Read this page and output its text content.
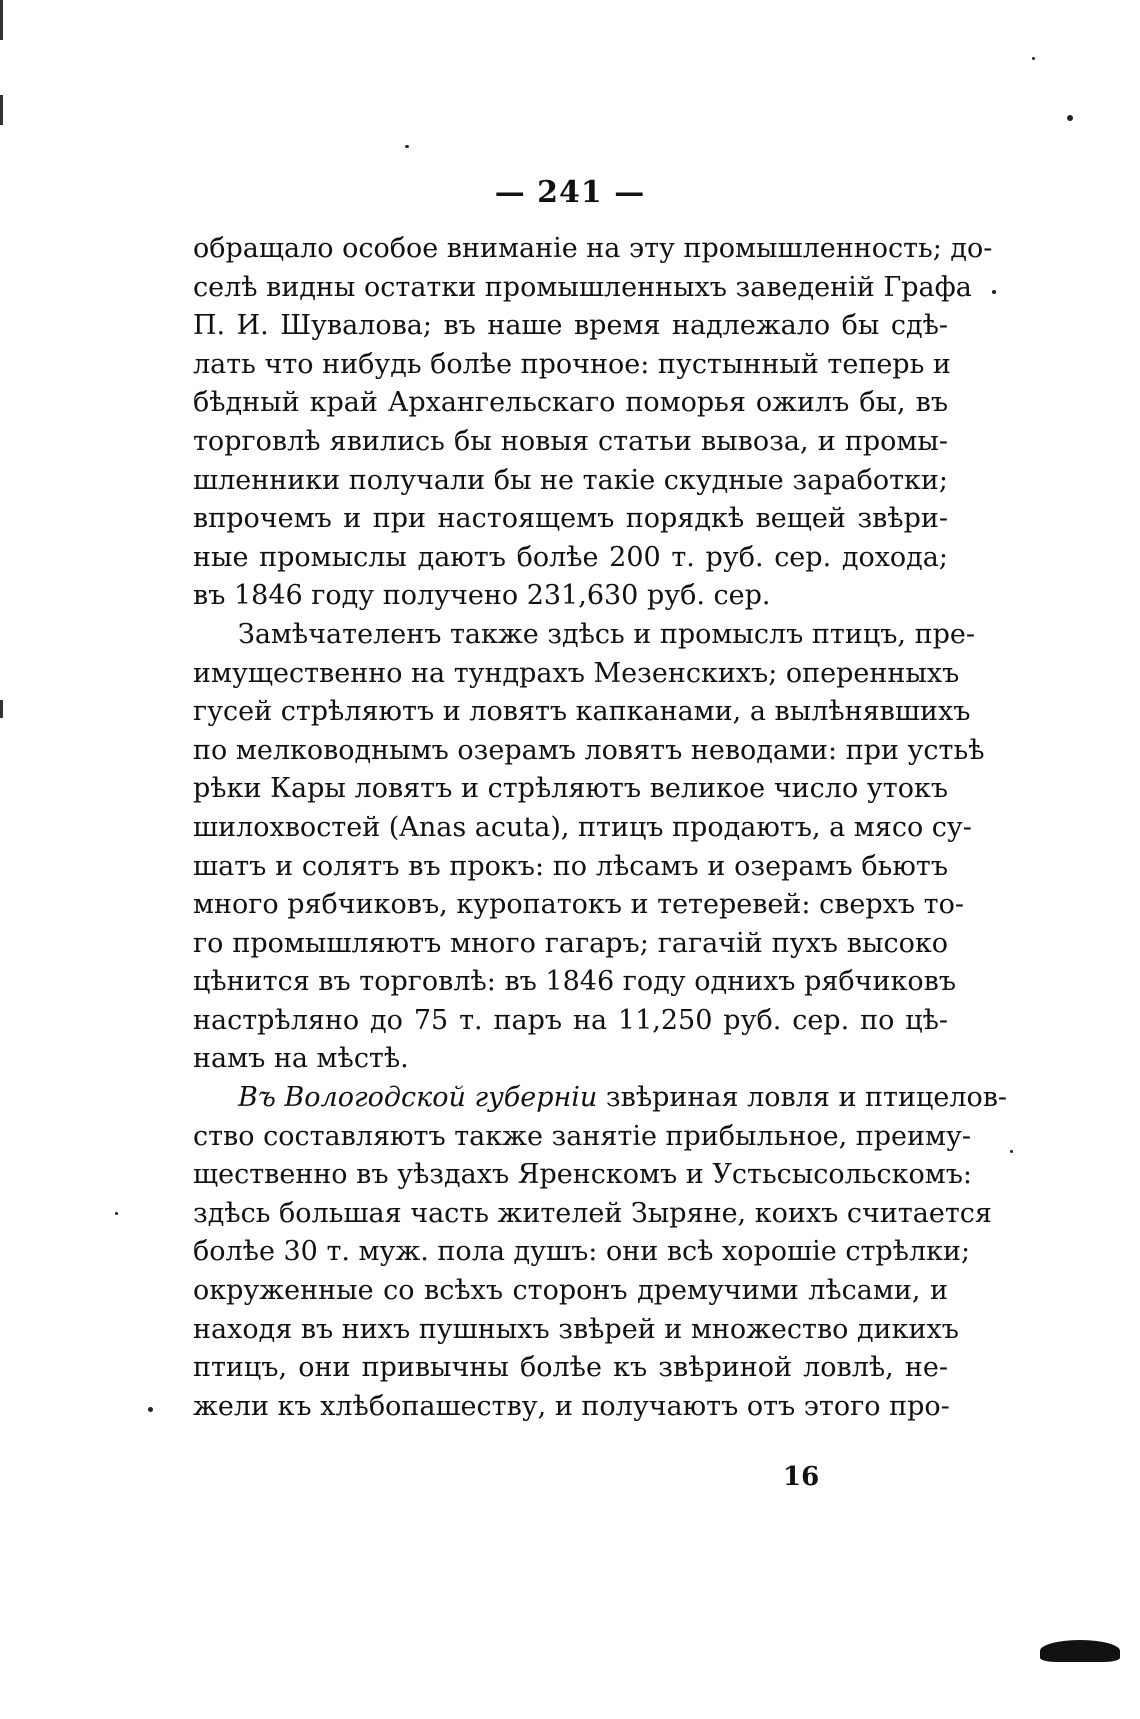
— 241 —
обращало особое вниманіе на эту промышленность; до-
селѣ видны остатки промышленныхъ заведеній Графа
П. И. Шувалова; въ наше время надлежало бы сдѣ-
лать что нибудь болѣе прочное: пустынный теперь и
бѣдный край Архангельскаго поморья ожилъ бы, въ
торговлѣ явились бы новыя статьи вывоза, и промы-
шленники получали бы не такіе скудные заработки;
впрочемъ и при настоящемъ порядкѣ вещей звѣри-
ные промыслы даютъ болѣе 200 т. руб. сер. дохода;
въ 1846 году получено 231,630 руб. сер.
Замѣчателенъ также здѣсь и промыслъ птицъ, пре-
имущественно на тундрахъ Мезенскихъ; оперенныхъ
гусей стрѣляютъ и ловятъ капканами, а вылѣнявшихъ
по мелководнымъ озерамъ ловятъ неводами: при устьѣ
рѣки Кары ловятъ и стрѣляютъ великое число утокъ
шилохвостей (Anas acuta), птицъ продаютъ, а мясо су-
шатъ и солятъ въ прокъ: по лѣсамъ и озерамъ бьютъ
много рябчиковъ, куропатокъ и тетеревей: сверхъ то-
го промышляютъ много гагаръ; гагачій пухъ высоко
цѣнится въ торговлѣ: въ 1846 году однихъ рябчиковъ
настрѣляно до 75 т. паръ на 11,250 руб. сер. по цѣ-
намъ на мѣстѣ.
Въ Вологодской губерніи звѣриная ловля и птицелов-
ство составляютъ также занятіе прибыльное, преиму-
щественно въ уѣздахъ Яренскомъ и Устьсысольскомъ:
здѣсь большая часть жителей Зыряне, коихъ считается
болѣе 30 т. муж. пола душъ: они всѣ хорошіе стрѣлки;
окруженные со всѣхъ сторонъ дремучими лѣсами, и
находя въ нихъ пушныхъ звѣрей и множество дикихъ
птицъ, они привычны болѣе къ звѣриной ловлѣ, не-
жели къ хлѣбопашеству, и получаютъ отъ этого про-
16
